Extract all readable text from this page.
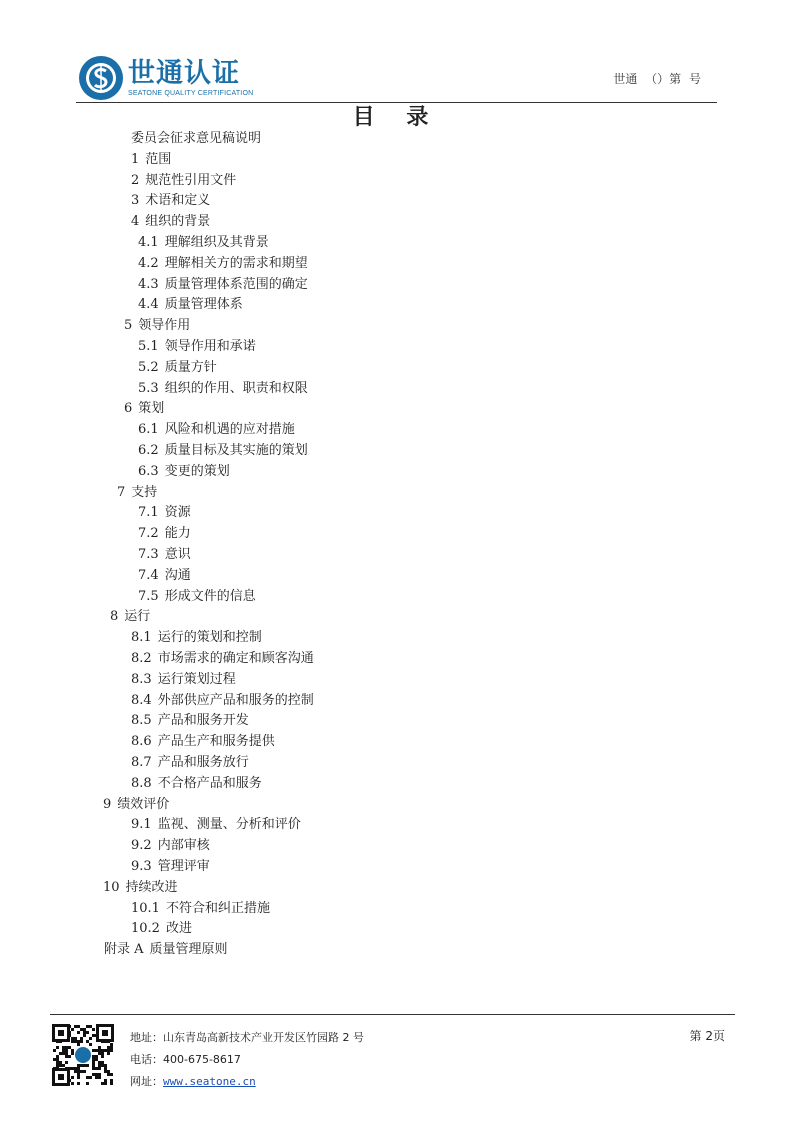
世通认证
SEATONE QUALITY CERTIFICATION
世通 （）第 号
目 录
委员会征求意见稿说明
1 范围
2 规范性引用文件
3 术语和定义
4 组织的背景
4.1 理解组织及其背景
4.2 理解相关方的需求和期望
4.3 质量管理体系范围的确定
4.4 质量管理体系
5 领导作用
5.1 领导作用和承诺
5.2 质量方针
5.3 组织的作用、职责和权限
6 策划
6.1 风险和机遇的应对措施
6.2 质量目标及其实施的策划
6.3 变更的策划
7 支持
7.1 资源
7.2 能力
7.3 意识
7.4 沟通
7.5 形成文件的信息
8 运行
8.1 运行的策划和控制
8.2 市场需求的确定和顾客沟通
8.3 运行策划过程
8.4 外部供应产品和服务的控制
8.5 产品和服务开发
8.6 产品生产和服务提供
8.7 产品和服务放行
8.8 不合格产品和服务
9 绩效评价
9.1 监视、测量、分析和评价
9.2 内部审核
9.3 管理评审
10 持续改进
10.1 不符合和纠正措施
10.2 改进
附录 A 质量管理原则
地址：山东青岛高新技术产业开发区竹园路 2 号
电话：400-675-8617
网址：www.seatone.cn
第 2页
